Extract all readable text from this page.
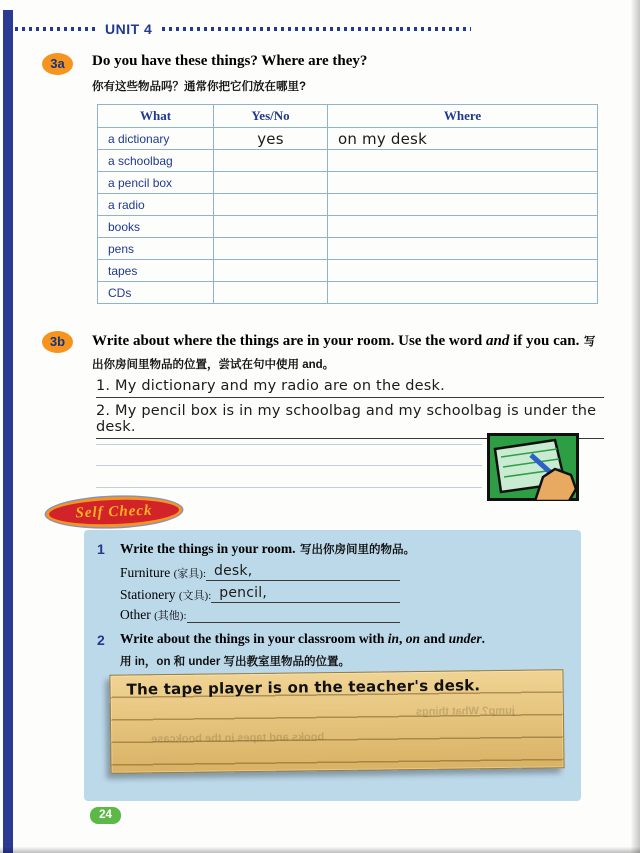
UNIT 4
3a	Do you have these things? Where are they?
你有这些物品吗？通常你把它们放在哪里?
What	Yes/No	Where
a dictionary	yes	on my desk
a schoolbag		
a pencil box		
a radio		
books		
pens		
tapes		
CDs		
3b	Write about where the things are in your room. Use the word and if you can. 写出你房间里物品的位置，尝试在句中使用 and。
1. My dictionary and my radio are on the desk.
2. My pencil box is in my schoolbag and my schoolbag is under the desk.
Self Check
1 Write the things in your room. 写出你房间里的物品。
Furniture (家具): desk,
Stationery (文具): pencil,
Other (其他):
2 Write about the things in your classroom with in, on and under.
用 in，on 和 under 写出教室里物品的位置。
The tape player is on the teacher's desk.
jump? What things
books and tapes in the bookcase
24
